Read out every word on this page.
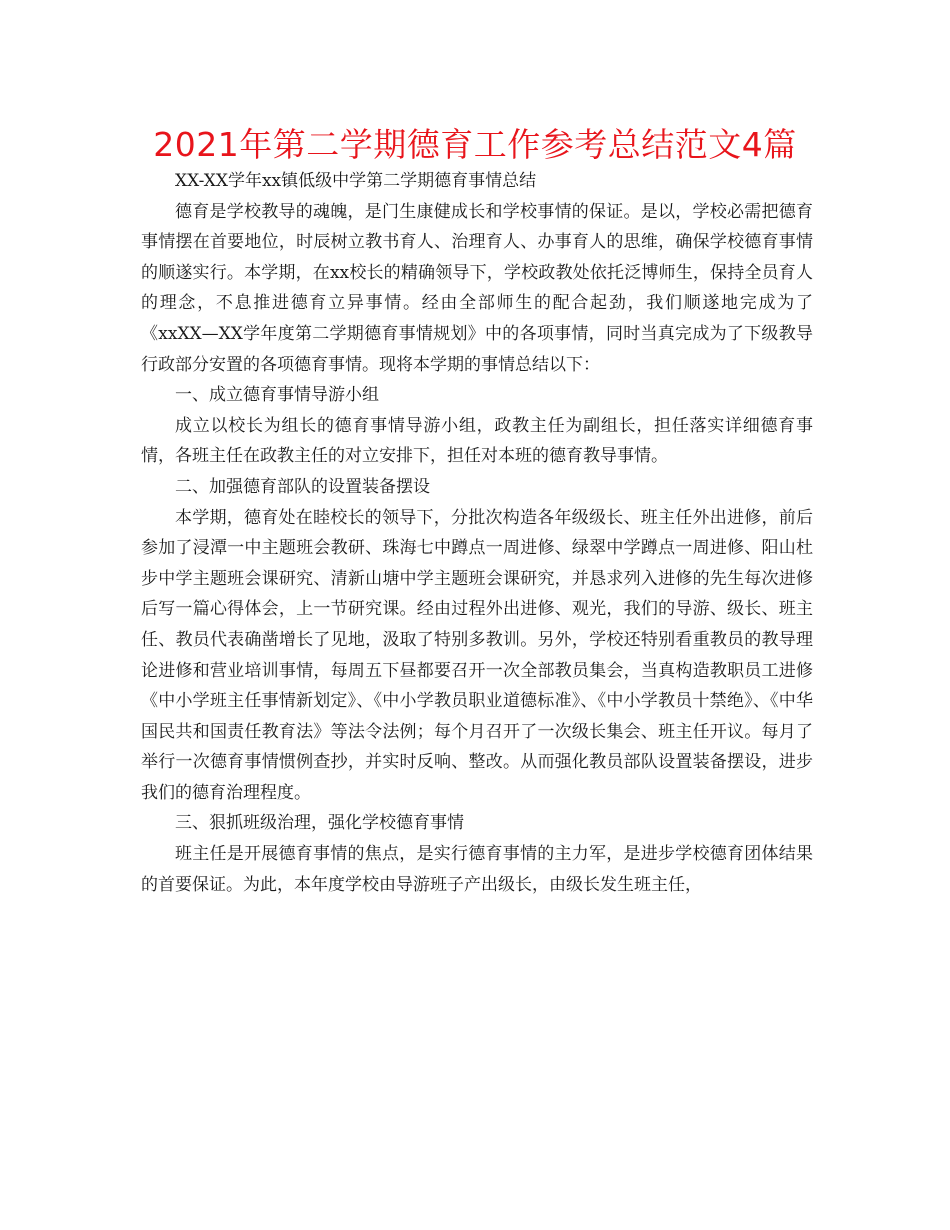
2021年第二学期德育工作参考总结范文4篇

XX-XX学年xx镇低级中学第二学期德育事情总结

德育是学校教导的魂魄，是门生康健成长和学校事情的保证。是以，学校必需把德育事情摆在首要地位，时辰树立教书育人、治理育人、办事育人的思维，确保学校德育事情的顺遂实行。本学期，在xx校长的精确领导下，学校政教处依托泛博师生，保持全员育人的理念，不息推进德育立异事情。经由全部师生的配合起劲，我们顺遂地完成为了《xxXX—XX学年度第二学期德育事情规划》中的各项事情，同时当真完成为了下级教导行政部分安置的各项德育事情。现将本学期的事情总结以下：

一、成立德育事情导游小组

成立以校长为组长的德育事情导游小组，政教主任为副组长，担任落实详细德育事情，各班主任在政教主任的对立安排下，担任对本班的德育教导事情。

二、加强德育部队的设置装备摆设

本学期，德育处在睦校长的领导下，分批次构造各年级级长、班主任外出进修，前后参加了浸潭一中主题班会教研、珠海七中蹲点一周进修、绿翠中学蹲点一周进修、阳山杜步中学主题班会课研究、清新山塘中学主题班会课研究，并恳求列入进修的先生每次进修后写一篇心得体会，上一节研究课。经由过程外出进修、观光，我们的导游、级长、班主任、教员代表确凿增长了见地，汲取了特别多教训。另外，学校还特别看重教员的教导理论进修和营业培训事情，每周五下昼都要召开一次全部教员集会，当真构造教职员工进修《中小学班主任事情新划定》、《中小学教员职业道德标准》、《中小学教员十禁绝》、《中华国民共和国责任教育法》等法令法例；每个月召开了一次级长集会、班主任开议。每月了举行一次德育事情惯例查抄，并实时反响、整改。从而强化教员部队设置装备摆设，进步我们的德育治理程度。

三、狠抓班级治理，强化学校德育事情

班主任是开展德育事情的焦点，是实行德育事情的主力军，是进步学校德育团体结果的首要保证。为此，本年度学校由导游班子产出级长，由级长发生班主任，
